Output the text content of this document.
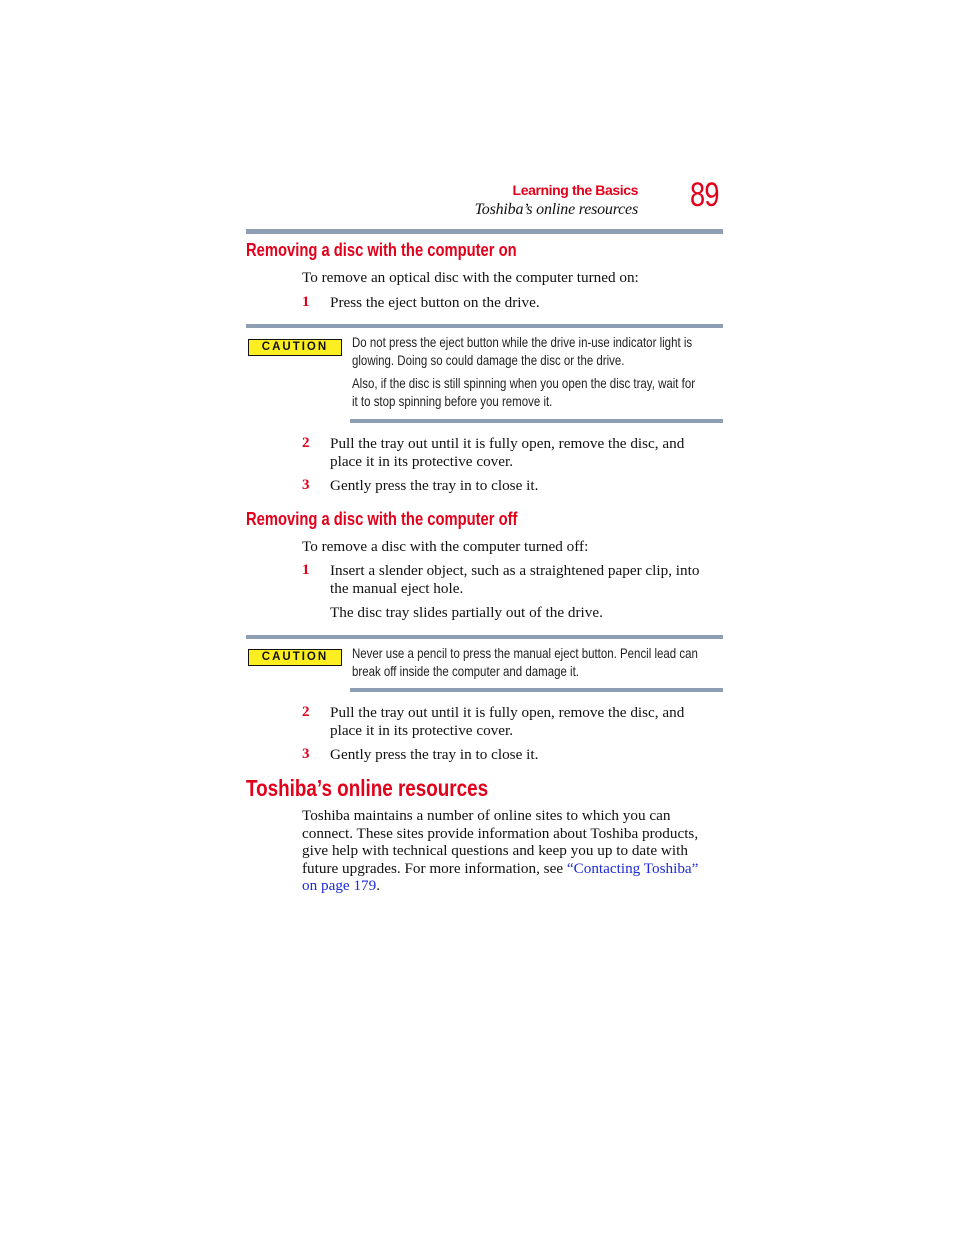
Learning the Basics
Toshiba’s online resources 89
Removing a disc with the computer on
To remove an optical disc with the computer turned on:
1 Press the eject button on the drive.
CAUTION	Do not press the eject button while the drive in-use indicator light is
glowing. Doing so could damage the disc or the drive.
Also, if the disc is still spinning when you open the disc tray, wait for
it to stop spinning before you remove it.
2 Pull the tray out until it is fully open, remove the disc, and
place it in its protective cover.
3 Gently press the tray in to close it.
Removing a disc with the computer off
To remove a disc with the computer turned off:
1 Insert a slender object, such as a straightened paper clip, into
the manual eject hole.
The disc tray slides partially out of the drive.
CAUTION	Never use a pencil to press the manual eject button. Pencil lead can
break off inside the computer and damage it.
2 Pull the tray out until it is fully open, remove the disc, and
place it in its protective cover.
3 Gently press the tray in to close it.
Toshiba’s online resources
Toshiba maintains a number of online sites to which you can
connect. These sites provide information about Toshiba products,
give help with technical questions and keep you up to date with
future upgrades. For more information, see “Contacting Toshiba”
on page 179.
